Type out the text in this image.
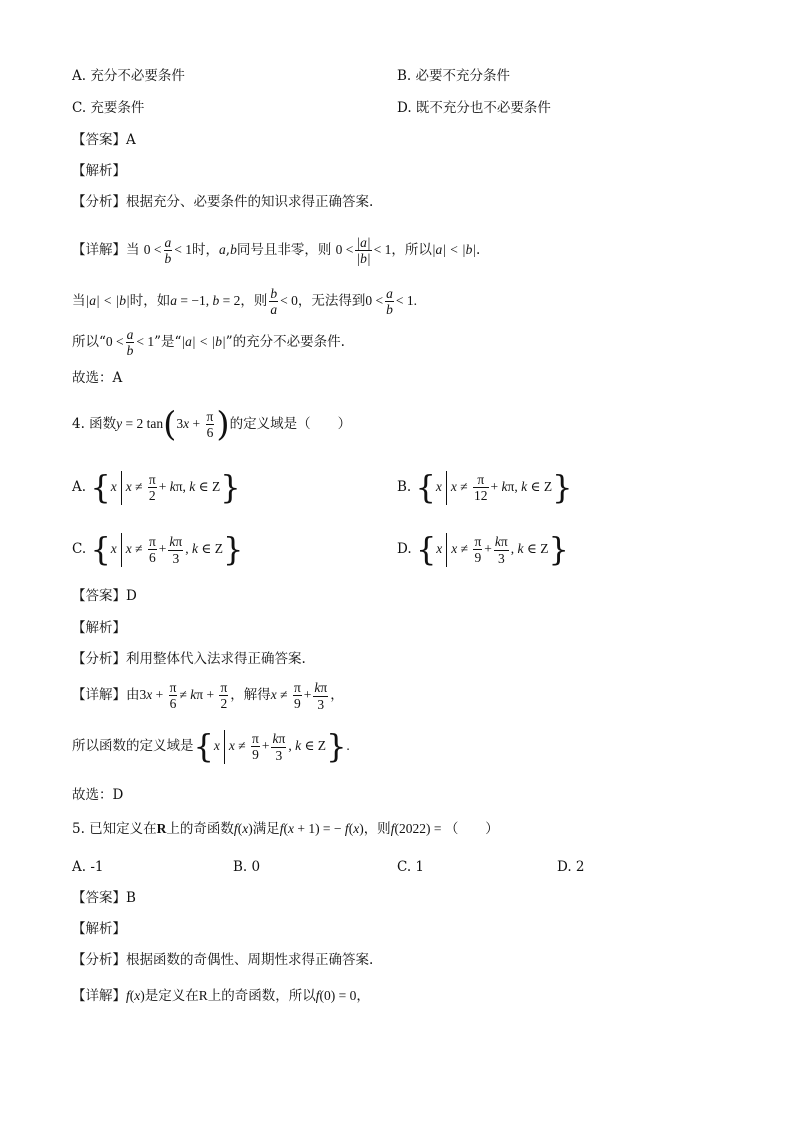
A. 充分不必要条件	B. 必要不充分条件
C. 充要条件	D. 既不充分也不必要条件
【答案】A
【解析】
【分析】根据充分、必要条件的知识求得正确答案.
【详解】当 $0 < \frac{a}{b} < 1$时，a,b同号且非零，则 $0 < \frac{|a|}{|b|} < 1$，所以|a| < |b|.
当|a| < |b|时，如a = −1, b = 2，则 $\frac{b}{a} < 0$，无法得到$0 < \frac{a}{b} < 1$.
所以“$0 < \frac{a}{b} < 1$”是“|a| < |b|”的充分不必要条件.
故选：A
4. 函数y = 2 $\tan(3x + \frac{\pi}{6}$ )的定义域是（　　）
A. {x $x \ne \frac{\pi}{2} + k\pi$, k ∈ Z}	B. {x $x \ne \frac{\pi}{12} + k\pi$, k ∈ Z}
C. {x $x \ne \frac{\pi}{6} + \frac{k\pi}{3}$ , k ∈ Z}	D. {x $x \ne \frac{\pi}{9} + \frac{k\pi}{3}$ , k ∈ Z}
【答案】D
【解析】
【分析】利用整体代入法求得正确答案.
【详解】由$3x + \frac{\pi}{6} \ne k\pi + \frac{\pi}{2}$ ，解得$x \ne \frac{\pi}{9} + \frac{k\pi}{3}$ ，
所以函数的定义域是{x $x \ne \frac{\pi}{9} + \frac{k\pi}{3}$ , k ∈ Z}.
故选：D
5. 已知定义在R上的奇函数f(x)满足f(x + 1) = − f(x)，则f(2022) = （　　）
A. -1	B. 0	C. 1	D. 2
【答案】B
【解析】
【分析】根据函数的奇偶性、周期性求得正确答案.
【详解】f(x)是定义在R上的奇函数，所以f(0) = 0，
